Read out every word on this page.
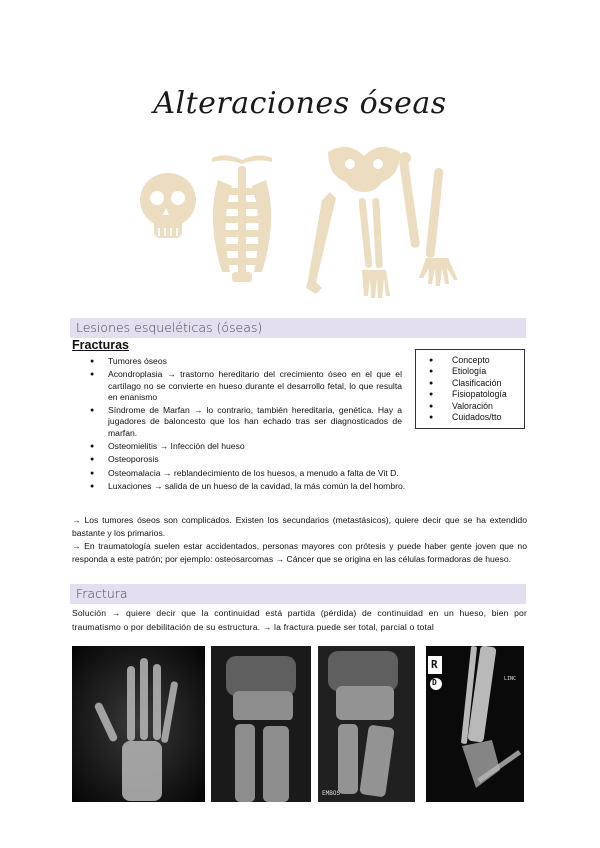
Alteraciones óseas
Lesiones esqueléticas (óseas)
Fracturas
● Tumores óseos
● Acondroplasia → trastorno hereditario del crecimiento óseo en el que el cartílago no se convierte en hueso durante el desarrollo fetal, lo que resulta en enanismo
● Síndrome de Marfan → lo contrario, también hereditaria, genética. Hay a jugadores de baloncesto que los han echado tras ser diagnosticados de marfan.
● Osteomielitis → Infección del hueso
● Osteoporosis
● Osteomalacia → reblandecimiento de los huesos, a menudo a falta de Vit D.
● Luxaciones → salida de un hueso de la cavidad, la más común la del hombro.
● Concepto
● Etiología
● Clasificación
● Fisiopatología
● Valoración
● Cuidados/tto

→ Los tumores óseos son complicados. Existen los secundarios (metastásicos), quiere decir que se ha extendido bastante y los primarios.

→ En traumatología suelen estar accidentados, personas mayores con prótesis y puede haber gente joven que no responda a este patrón; por ejemplo: osteosarcomas → Cáncer que se origina en las células formadoras de hueso.

Fractura

Solución → quiere decir que la continuidad está partida (pérdida) de continuidad en un hueso, bien por traumatismo o por debilitación de su estructura. → la fractura puede ser total, parcial o total

EMBOS
R
D	LINC
